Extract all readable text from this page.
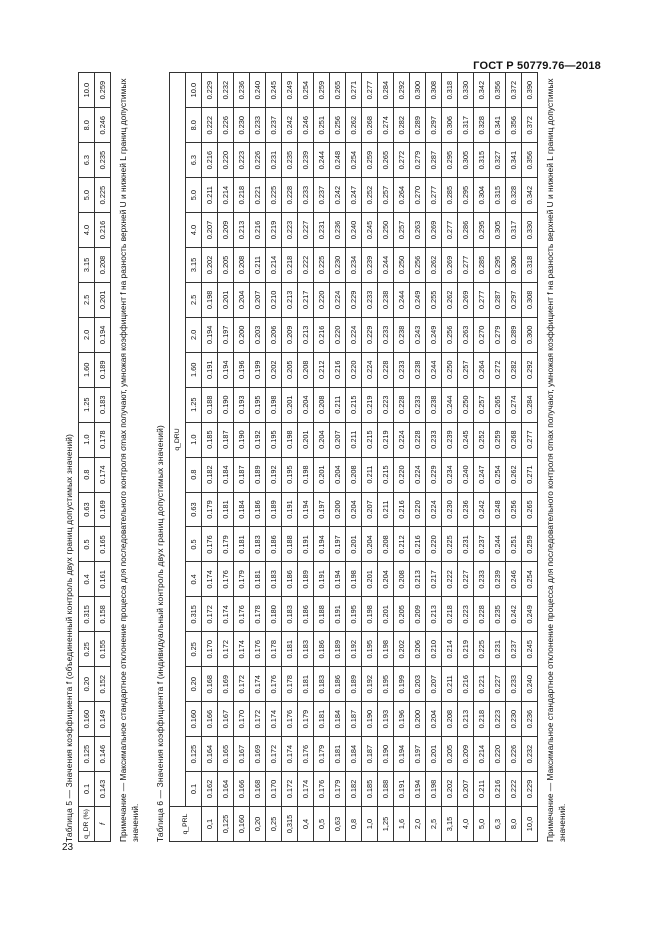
ГОСТ Р 50779.76—2018
Таблица 5 — Значения коэффициента f (объединенный контроль двух границ допустимых значений) q_DR (%)	0.1	0.125	0.160	0.20	0.25	0.315	0.4	0.5	0.63	0.8	1.0	1.25	1.60	2.0	2.5	3.15	4.0	5.0	6.3	8.0	10.0
f	0.143	0.146	0.149	0.152	0.155	0.158	0.161	0.165	0.169	0.174	0.178	0.183	0.189	0.194	0.201	0.208	0.216	0.225	0.235	0.246	0.259 Примечание — Максимальное стандартное отклонение процесса для последовательного контроля σmax получают, умножая коэффициент f на разность верхней U и нижней L границ допустимых значений. Таблица 6 — Значения коэффициента f (индивидуальный контроль двух границ допустимых значений) q_PRL	q_DRU																				
	0.1	0.125	0.160	0.20	0.25	0.315	0.4	0.5	0.63	0.8	1.0	1.25	1.60	2.0	2.5	3.15	4.0	5.0	6.3	8.0	10.0
0,1	0.162	0.164	0.166	0.168	0.170	0.172	0.174	0.176	0.179	0.182	0.185	0.188	0.191	0.194	0.198	0.202	0.207	0.211	0.216	0.222	0.229
0,125	0.164	0.165	0.167	0.169	0.172	0.174	0.176	0.179	0.181	0.184	0.187	0.190	0.194	0.197	0.201	0.205	0.209	0.214	0.220	0.226	0.232
0,160	0.166	0.167	0.170	0.172	0.174	0.176	0.179	0.181	0.184	0.187	0.190	0.193	0.196	0.200	0.204	0.208	0.213	0.218	0.223	0.230	0.236
0,20	0.168	0.169	0.172	0.174	0.176	0.178	0.181	0.183	0.186	0.189	0.192	0.195	0.199	0.203	0.207	0.211	0.216	0.221	0.226	0.233	0.240
0,25	0.170	0.172	0.174	0.176	0.178	0.180	0.183	0.186	0.189	0.192	0.195	0.198	0.202	0.206	0.210	0.214	0.219	0.225	0.231	0.237	0.245
0,315	0.172	0.174	0.176	0.178	0.181	0.183	0.186	0.188	0.191	0.195	0.198	0.201	0.205	0.209	0.213	0.218	0.223	0.228	0.235	0.242	0.249
0,4	0.174	0.176	0.179	0.181	0.183	0.186	0.189	0.191	0.194	0.198	0.201	0.204	0.208	0.213	0.217	0.222	0.227	0.233	0.239	0.246	0.254
0,5	0.176	0.179	0.181	0.183	0.186	0.188	0.191	0.194	0.197	0.201	0.204	0.208	0.212	0.216	0.220	0.225	0.231	0.237	0.244	0.251	0.259
0,63	0.179	0.181	0.184	0.186	0.189	0.191	0.194	0.197	0.200	0.204	0.207	0.211	0.216	0.220	0.224	0.230	0.236	0.242	0.248	0.256	0.265
0,8	0.182	0.184	0.187	0.189	0.192	0.195	0.198	0.201	0.204	0.208	0.211	0.215	0.220	0.224	0.229	0.234	0.240	0.247	0.254	0.262	0.271
1,0	0.185	0.187	0.190	0.192	0.195	0.198	0.201	0.204	0.207	0.211	0.215	0.219	0.224	0.229	0.233	0.239	0.245	0.252	0.259	0.268	0.277
1,25	0.188	0.190	0.193	0.195	0.198	0.201	0.204	0.208	0.211	0.215	0.219	0.223	0.228	0.233	0.238	0.244	0.250	0.257	0.265	0.274	0.284
1,6	0.191	0.194	0.196	0.199	0.202	0.205	0.208	0.212	0.216	0.220	0.224	0.228	0.233	0.238	0.244	0.250	0.257	0.264	0.272	0.282	0.292
2,0	0.194	0.197	0.200	0.203	0.206	0.209	0.213	0.216	0.220	0.224	0.228	0.233	0.238	0.243	0.249	0.256	0.263	0.270	0.279	0.289	0.300
2,5	0.198	0.201	0.204	0.207	0.210	0.213	0.217	0.220	0.224	0.229	0.233	0.238	0.244	0.249	0.255	0.262	0.269	0.277	0.287	0.297	0.308
3,15	0.202	0.205	0.208	0.211	0.214	0.218	0.222	0.225	0.230	0.234	0.239	0.244	0.250	0.256	0.262	0.269	0.277	0.285	0.295	0.306	0.318
4,0	0.207	0.209	0.213	0.216	0.219	0.223	0.227	0.231	0.236	0.240	0.245	0.250	0.257	0.263	0.269	0.277	0.286	0.295	0.305	0.317	0.330
5,0	0.211	0.214	0.218	0.221	0.225	0.228	0.233	0.237	0.242	0.247	0.252	0.257	0.264	0.270	0.277	0.285	0.295	0.304	0.315	0.328	0.342
6,3	0.216	0.220	0.223	0.227	0.231	0.235	0.239	0.244	0.248	0.254	0.259	0.265	0.272	0.279	0.287	0.295	0.305	0.315	0.327	0.341	0.356
8,0	0.222	0.226	0.230	0.233	0.237	0.242	0.246	0.251	0.256	0.262	0.268	0.274	0.282	0.289	0.297	0.306	0.317	0.328	0.341	0.356	0.372
10,0	0.229	0.232	0.236	0.240	0.245	0.249	0.254	0.259	0.265	0.271	0.277	0.284	0.292	0.300	0.308	0.318	0.330	0.342	0.356	0.372	0.390 Примечание — Максимальное стандартное отклонение процесса для последовательного контроля σmax получают, умножая коэффициент f на разность верхней U и нижней L границ допустимых значений.
23
